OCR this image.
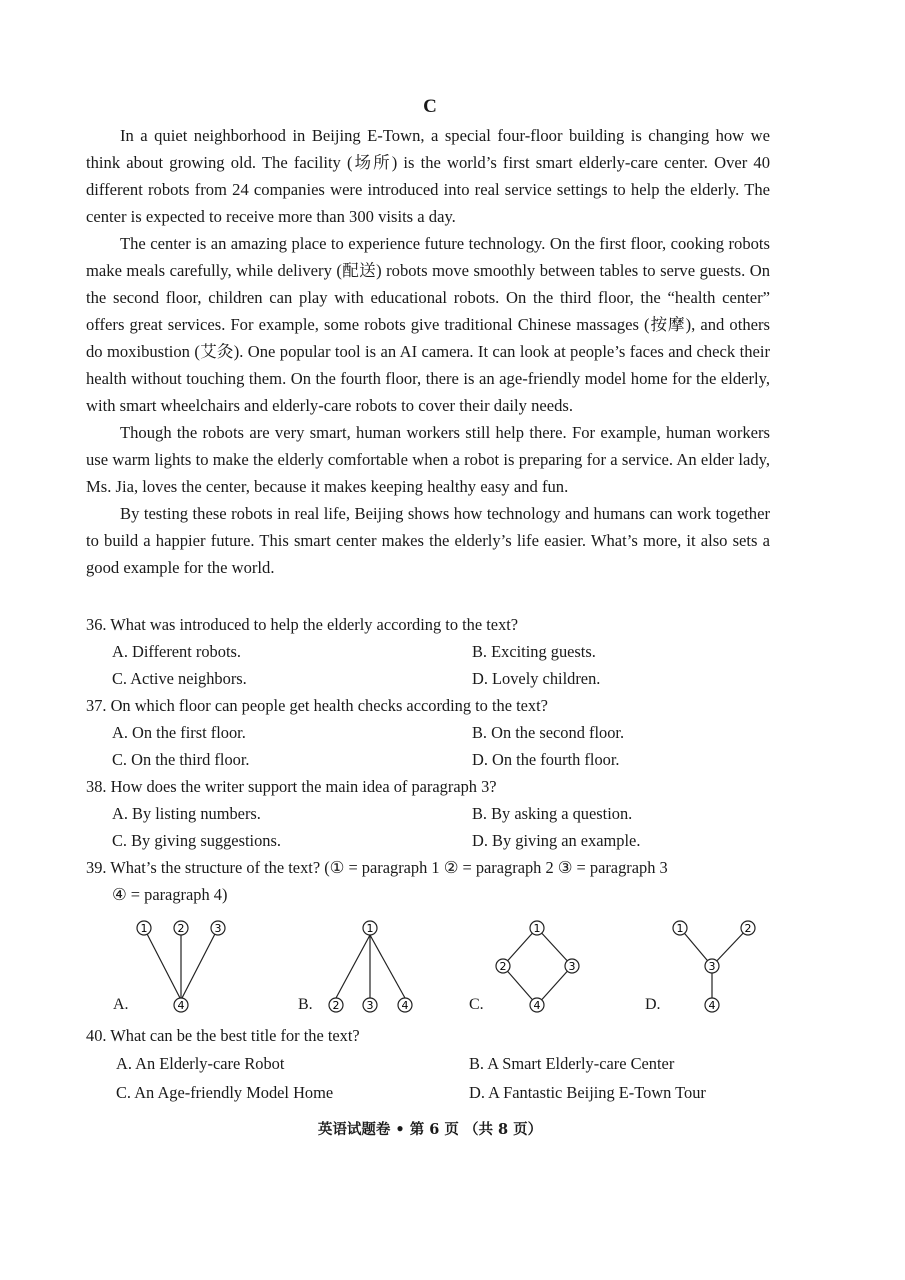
C

In a quiet neighborhood in Beijing E-Town, a special four-floor building is changing how we think about growing old. The facility (场所) is the world’s first smart elderly-care center. Over 40 different robots from 24 companies were introduced into real service settings to help the elderly. The center is expected to receive more than 300 visits a day.

The center is an amazing place to experience future technology. On the first floor, cooking robots make meals carefully, while delivery (配送) robots move smoothly between tables to serve guests. On the second floor, children can play with educational robots. On the third floor, the “health center” offers great services. For example, some robots give traditional Chinese massages (按摩), and others do moxibustion (艾灸). One popular tool is an AI camera. It can look at people’s faces and check their health without touching them. On the fourth floor, there is an age-friendly model home for the elderly, with smart wheelchairs and elderly-care robots to cover their daily needs.

Though the robots are very smart, human workers still help there. For example, human workers use warm lights to make the elderly comfortable when a robot is preparing for a service. An elder lady, Ms. Jia, loves the center, because it makes keeping healthy easy and fun.

By testing these robots in real life, Beijing shows how technology and humans can work together to build a happier future. This smart center makes the elderly’s life easier. What’s more, it also sets a good example for the world.

36. What was introduced to help the elderly according to the text?
A. Different robots.	B. Exciting guests.
C. Active neighbors.	D. Lovely children.
37. On which floor can people get health checks according to the text?
A. On the first floor.	B. On the second floor.
C. On the third floor.	D. On the fourth floor.
38. How does the writer support the main idea of paragraph 3?
A. By listing numbers.	B. By asking a question.
C. By giving suggestions.	D. By giving an example.
39. What’s the structure of the text? (① = paragraph 1 ② = paragraph 2 ③ = paragraph 3
④ = paragraph 4)
A.
1	2	3
4	B.
1
2 3	4	C.
1
2	3
4	D.
1	2
3
4
40. What can be the best title for the text?
A. An Elderly-care Robot	B. A Smart Elderly-care Center
C. An Age-friendly Model Home	D. A Fantastic Beijing E-Town Tour
英语试题卷 • 第 6 页 （共 8 页）
